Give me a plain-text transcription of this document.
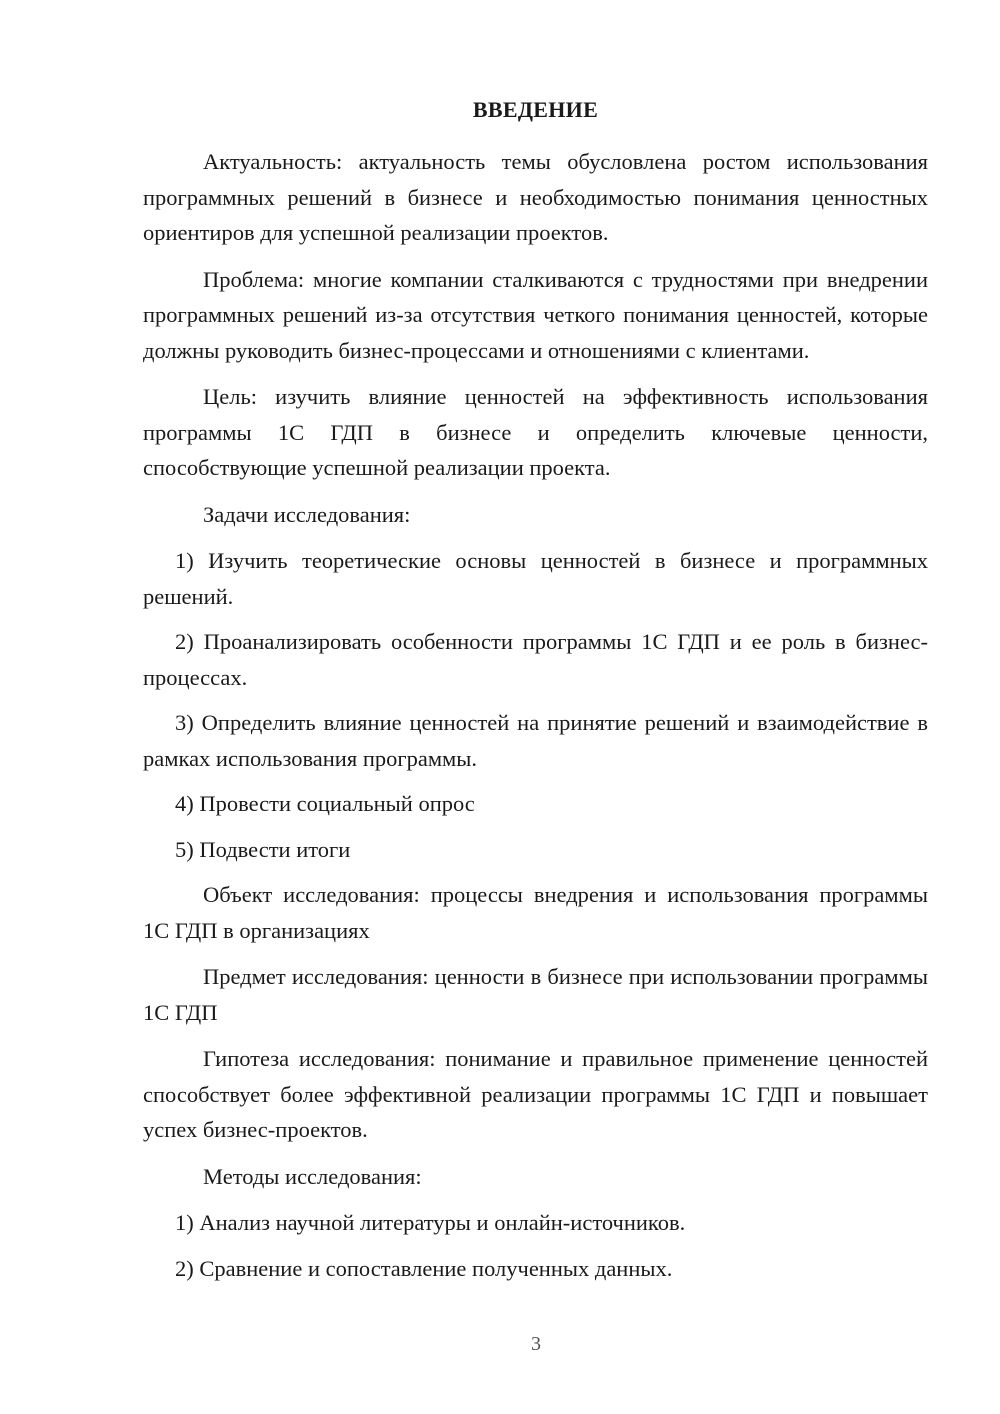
ВВЕДЕНИЕ

Актуальность: актуальность темы обусловлена ростом использования программных решений в бизнесе и необходимостью понимания ценностных ориентиров для успешной реализации проектов.

Проблема: многие компании сталкиваются с трудностями при внедрении программных решений из-за отсутствия четкого понимания ценностей, которые должны руководить бизнес-процессами и отношениями с клиентами.

Цель: изучить влияние ценностей на эффективность использования программы 1С ГДП в бизнесе и определить ключевые ценности, способствующие успешной реализации проекта.

Задачи исследования:

1) Изучить теоретические основы ценностей в бизнесе и программных решений.

2) Проанализировать особенности программы 1С ГДП и ее роль в бизнес-процессах.

3) Определить влияние ценностей на принятие решений и взаимодействие в рамках использования программы.

4) Провести социальный опрос

5) Подвести итоги

Объект исследования: процессы внедрения и использования программы 1С ГДП в организациях

Предмет исследования: ценности в бизнесе при использовании программы 1С ГДП

Гипотеза исследования: понимание и правильное применение ценностей способствует более эффективной реализации программы 1С ГДП и повышает успех бизнес-проектов.

Методы исследования:

1) Анализ научной литературы и онлайн-источников.

2) Сравнение и сопоставление полученных данных.

3
